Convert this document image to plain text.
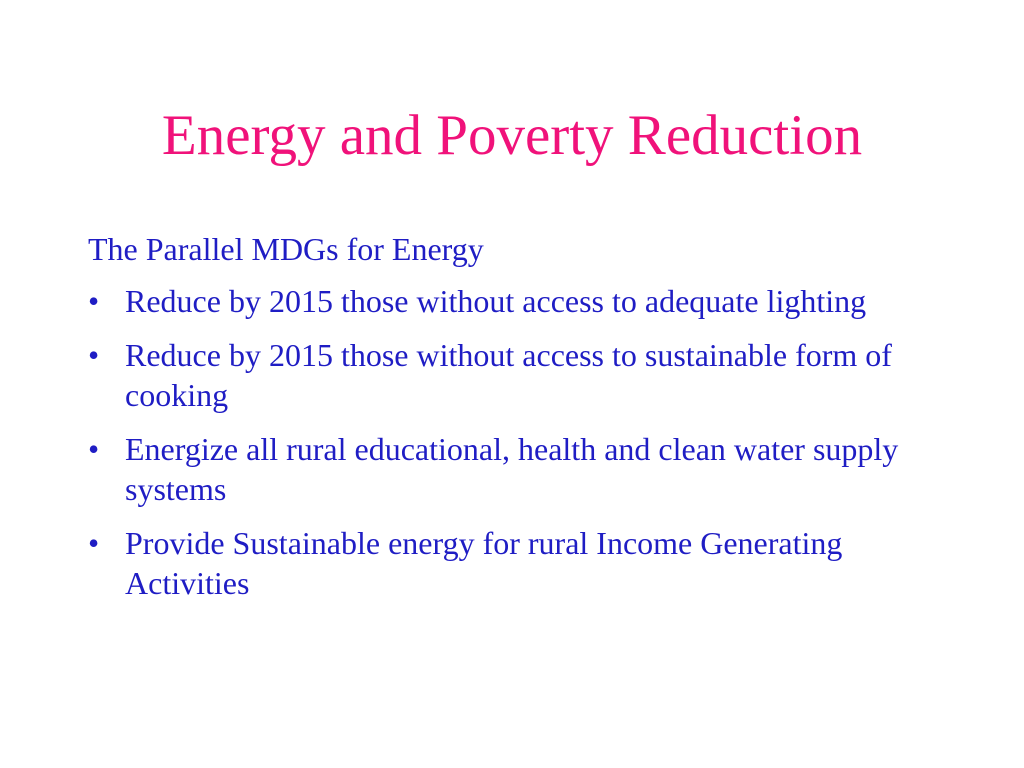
Energy and Poverty Reduction

The Parallel MDGs for Energy

• Reduce by 2015 those without access to adequate lighting
• Reduce by 2015 those without access to sustainable form of cooking
• Energize all rural educational, health and clean water supply systems
• Provide Sustainable energy for rural Income Generating Activities
